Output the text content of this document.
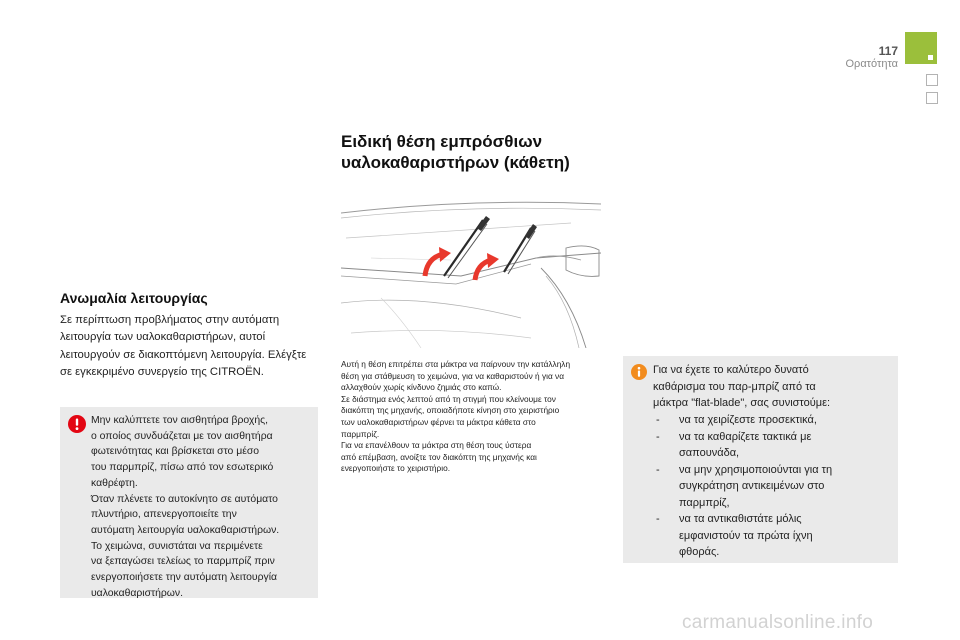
117
Ορατότητα
Ανωμαλία λειτουργίας
Σε περίπτωση προβλήματος στην αυτόματη λειτουργία των υαλοκαθαριστήρων, αυτοί λειτουργούν σε διακοπτόμενη λειτουργία. Ελέγξτε σε εγκεκριμένο συνεργείο της CITROËN.
Μην καλύπτετε τον αισθητήρα βροχής,
ο οποίος συνδυάζεται με τον αισθητήρα
φωτεινότητας και βρίσκεται στο μέσο
του παρμπρίζ, πίσω από τον εσωτερικό
καθρέφτη.
Όταν πλένετε το αυτοκίνητο σε αυτόματο
πλυντήριο, απενεργοποιείτε την
αυτόματη λειτουργία υαλοκαθαριστήρων.
Το χειμώνα, συνιστάται να περιμένετε
να ξεπαγώσει τελείως το παρμπρίζ πριν
ενεργοποιήσετε την αυτόματη λειτουργία
υαλοκαθαριστήρων.
Ειδική θέση εμπρόσθιων
υαλοκαθαριστήρων (κάθετη)
Αυτή η θέση επιτρέπει στα μάκτρα να παίρνουν την κατάλληλη
θέση για στάθμευση το χειμώνα, για να καθαριστούν ή για να
αλλαχθούν χωρίς κίνδυνο ζημιάς στο καπώ.
Σε διάστημα ενός λεπτού από τη στιγμή που κλείνουμε τον
διακόπτη της μηχανής, οποιαδήποτε κίνηση στο χειριστήριο
των υαλοκαθαριστήρων φέρνει τα μάκτρα κάθετα στο
παρμπρίζ.
Για να επανέλθουν τα μάκτρα στη θέση τους ύστερα
από επέμβαση, ανοίξτε τον διακόπτη της μηχανής και
ενεργοποιήστε το χειριστήριο.
Για να έχετε το καλύτερο δυνατό
καθάρισμα του παρ-μπρίζ από τα
μάκτρα "flat-blade", σας συνιστούμε:
- να τα χειρίζεστε προσεκτικά,
- να τα καθαρίζετε τακτικά με
σαπουνάδα,
- να μην χρησιμοποιούνται για τη
συγκράτηση αντικειμένων στο
παρμπρίζ,
- να τα αντικαθιστάτε μόλις
εμφανιστούν τα πρώτα ίχνη
φθοράς.
carmanualsonline.info
